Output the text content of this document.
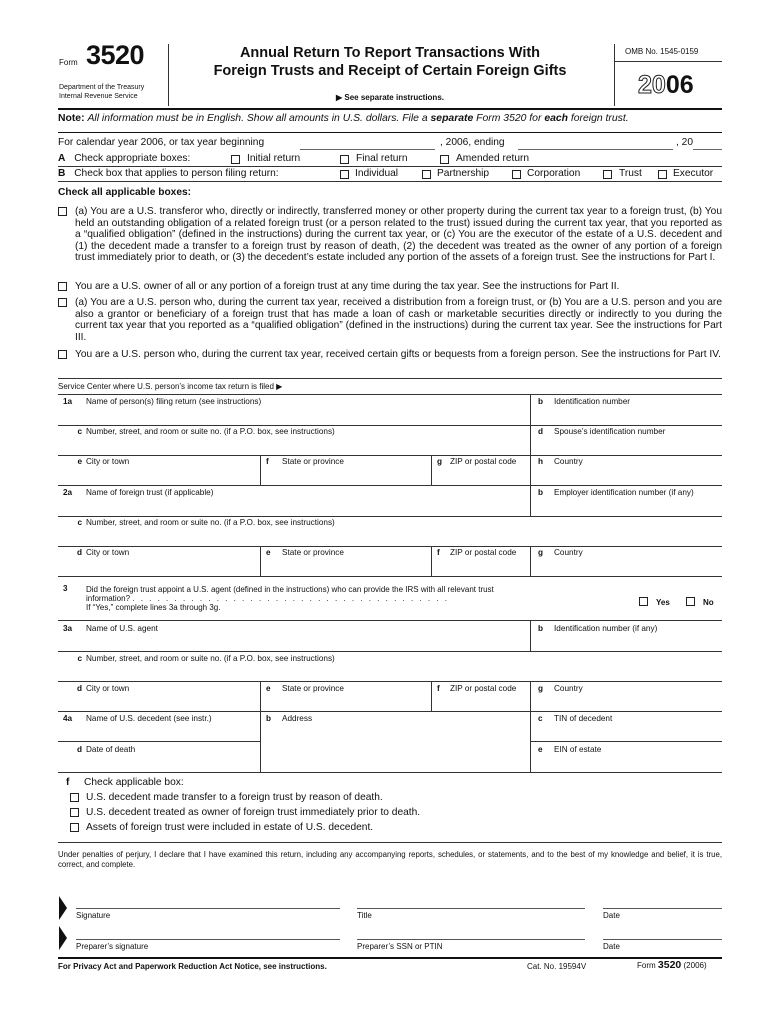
Form 3520
Department of the Treasury
Internal Revenue Service
Annual Return To Report Transactions With
Foreign Trusts and Receipt of Certain Foreign Gifts
▶ See separate instructions.
OMB No. 1545-0159
2006
Note: All information must be in English. Show all amounts in U.S. dollars. File a separate Form 3520 for each foreign trust.
For calendar year 2006, or tax year beginning	, 2006, ending	, 20
A Check appropriate boxes:	Initial return	Final return	Amended return
B Check box that applies to person filing return:	Individual	Partnership	Corporation	Trust	Executor
Check all applicable boxes:
(a) You are a U.S. transferor who, directly or indirectly, transferred money or other property during the current tax year to a foreign trust, (b) You held an outstanding obligation of a related foreign trust (or a person related to the trust) issued during the current tax year, that you reported as a “qualified obligation” (defined in the instructions) during the current tax year, or (c) You are the executor of the estate of a U.S. decedent and (1) the decedent made a transfer to a foreign trust by reason of death, (2) the decedent was treated as the owner of any portion of a foreign trust immediately prior to death, or (3) the decedent’s estate included any portion of the assets of a foreign trust. See the instructions for Part I.
You are a U.S. owner of all or any portion of a foreign trust at any time during the tax year. See the instructions for Part II.
(a) You are a U.S. person who, during the current tax year, received a distribution from a foreign trust, or (b) You are a U.S. person and you are also a grantor or beneficiary of a foreign trust that has made a loan of cash or marketable securities directly or indirectly to you during the current tax year that you reported as a “qualified obligation” (defined in the instructions) during the current tax year. See the instructions for Part III.
You are a U.S. person who, during the current tax year, received certain gifts or bequests from a foreign person. See the instructions for Part IV.
Service Center where U.S. person’s income tax return is filed ▶
1a Name of person(s) filing return (see instructions)	b Identification number
c Number, street, and room or suite no. (if a P.O. box, see instructions)	d Spouse’s identification number
e City or town	f State or province	g ZIP or postal code	h Country
2a Name of foreign trust (if applicable)	b Employer identification number (if any)
c Number, street, and room or suite no. (if a P.O. box, see instructions)
d City or town	e State or province	f ZIP or postal code	g Country
3 Did the foreign trust appoint a U.S. agent (defined in the instructions) who can provide the IRS with all relevant trust
information? . . . . . . . . . . . . . . . . . . . . . . . . . . . . . . . . . . . . . .
If “Yes,” complete lines 3a through 3g.
Yes	No
3a Name of U.S. agent	b Identification number (if any)
c Number, street, and room or suite no. (if a P.O. box, see instructions)
d City or town	e State or province	f ZIP or postal code	g Country
4a Name of U.S. decedent (see instr.)	b Address	c TIN of decedent
d Date of death	e EIN of estate
f Check applicable box:
U.S. decedent made transfer to a foreign trust by reason of death.
U.S. decedent treated as owner of foreign trust immediately prior to death.
Assets of foreign trust were included in estate of U.S. decedent.
Under penalties of perjury, I declare that I have examined this return, including any accompanying reports, schedules, or statements, and to the best of my knowledge and belief, it is true, correct, and complete.
Signature	Title	Date
Preparer’s signature	Preparer’s SSN or PTIN	Date
For Privacy Act and Paperwork Reduction Act Notice, see instructions.	Cat. No. 19594V	Form 3520 (2006)
